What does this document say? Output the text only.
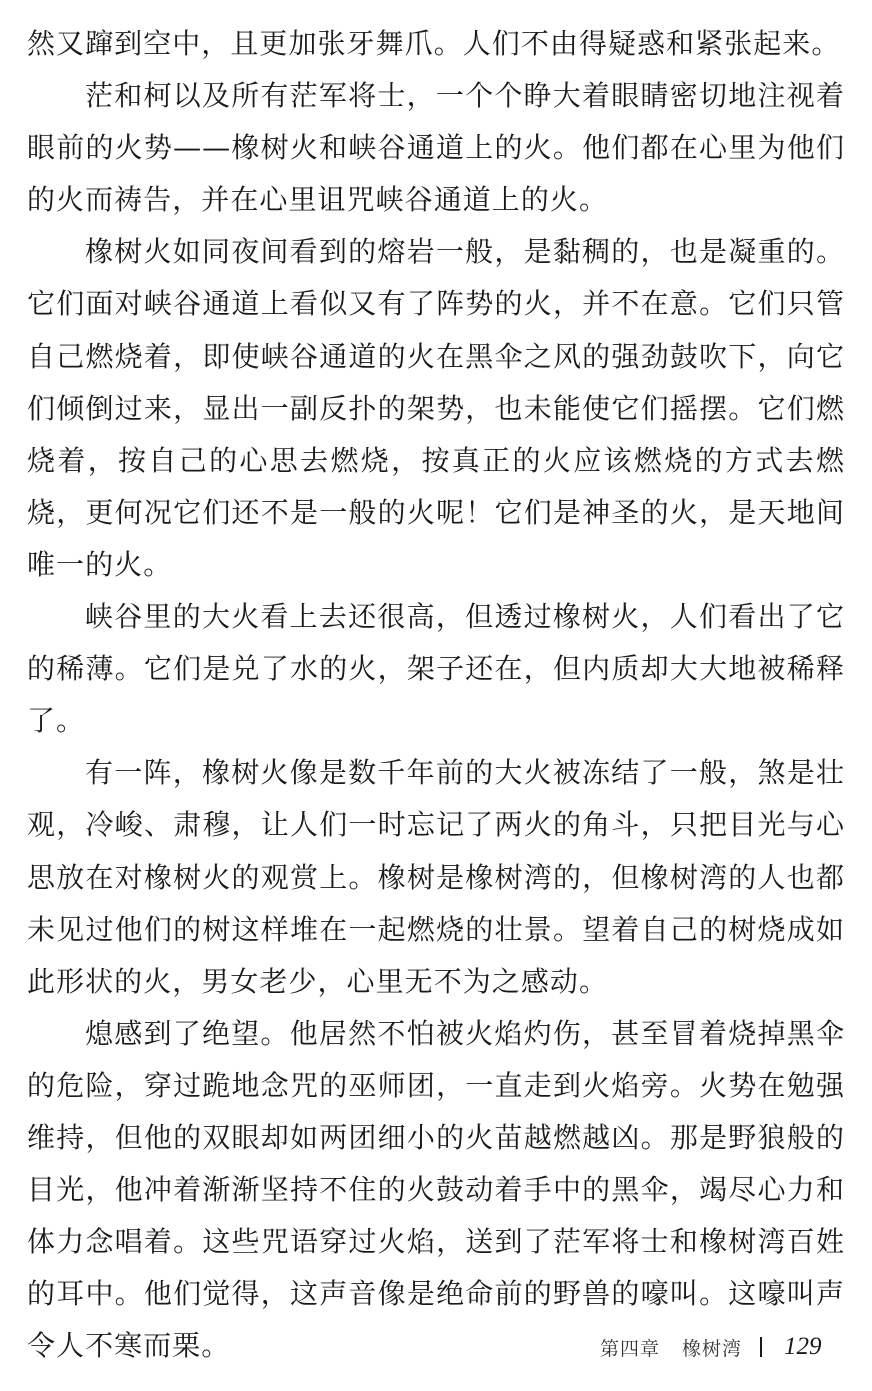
然又蹿到空中，且更加张牙舞爪。人们不由得疑惑和紧张起来。

茫和柯以及所有茫军将士，一个个睁大着眼睛密切地注视着眼前的火势——橡树火和峡谷通道上的火。他们都在心里为他们的火而祷告，并在心里诅咒峡谷通道上的火。

橡树火如同夜间看到的熔岩一般，是黏稠的，也是凝重的。它们面对峡谷通道上看似又有了阵势的火，并不在意。它们只管自己燃烧着，即使峡谷通道的火在黑伞之风的强劲鼓吹下，向它们倾倒过来，显出一副反扑的架势，也未能使它们摇摆。它们燃烧着，按自己的心思去燃烧，按真正的火应该燃烧的方式去燃烧，更何况它们还不是一般的火呢！它们是神圣的火，是天地间唯一的火。

峡谷里的大火看上去还很高，但透过橡树火，人们看出了它的稀薄。它们是兑了水的火，架子还在，但内质却大大地被稀释了。

有一阵，橡树火像是数千年前的大火被冻结了一般，煞是壮观，冷峻、肃穆，让人们一时忘记了两火的角斗，只把目光与心思放在对橡树火的观赏上。橡树是橡树湾的，但橡树湾的人也都未见过他们的树这样堆在一起燃烧的壮景。望着自己的树烧成如此形状的火，男女老少，心里无不为之感动。

熄感到了绝望。他居然不怕被火焰灼伤，甚至冒着烧掉黑伞的危险，穿过跪地念咒的巫师团，一直走到火焰旁。火势在勉强维持，但他的双眼却如两团细小的火苗越燃越凶。那是野狼般的目光，他冲着渐渐坚持不住的火鼓动着手中的黑伞，竭尽心力和体力念唱着。这些咒语穿过火焰，送到了茫军将士和橡树湾百姓的耳中。他们觉得，这声音像是绝命前的野兽的嚎叫。这嚎叫声令人不寒而栗。	第四章 橡树湾 129
